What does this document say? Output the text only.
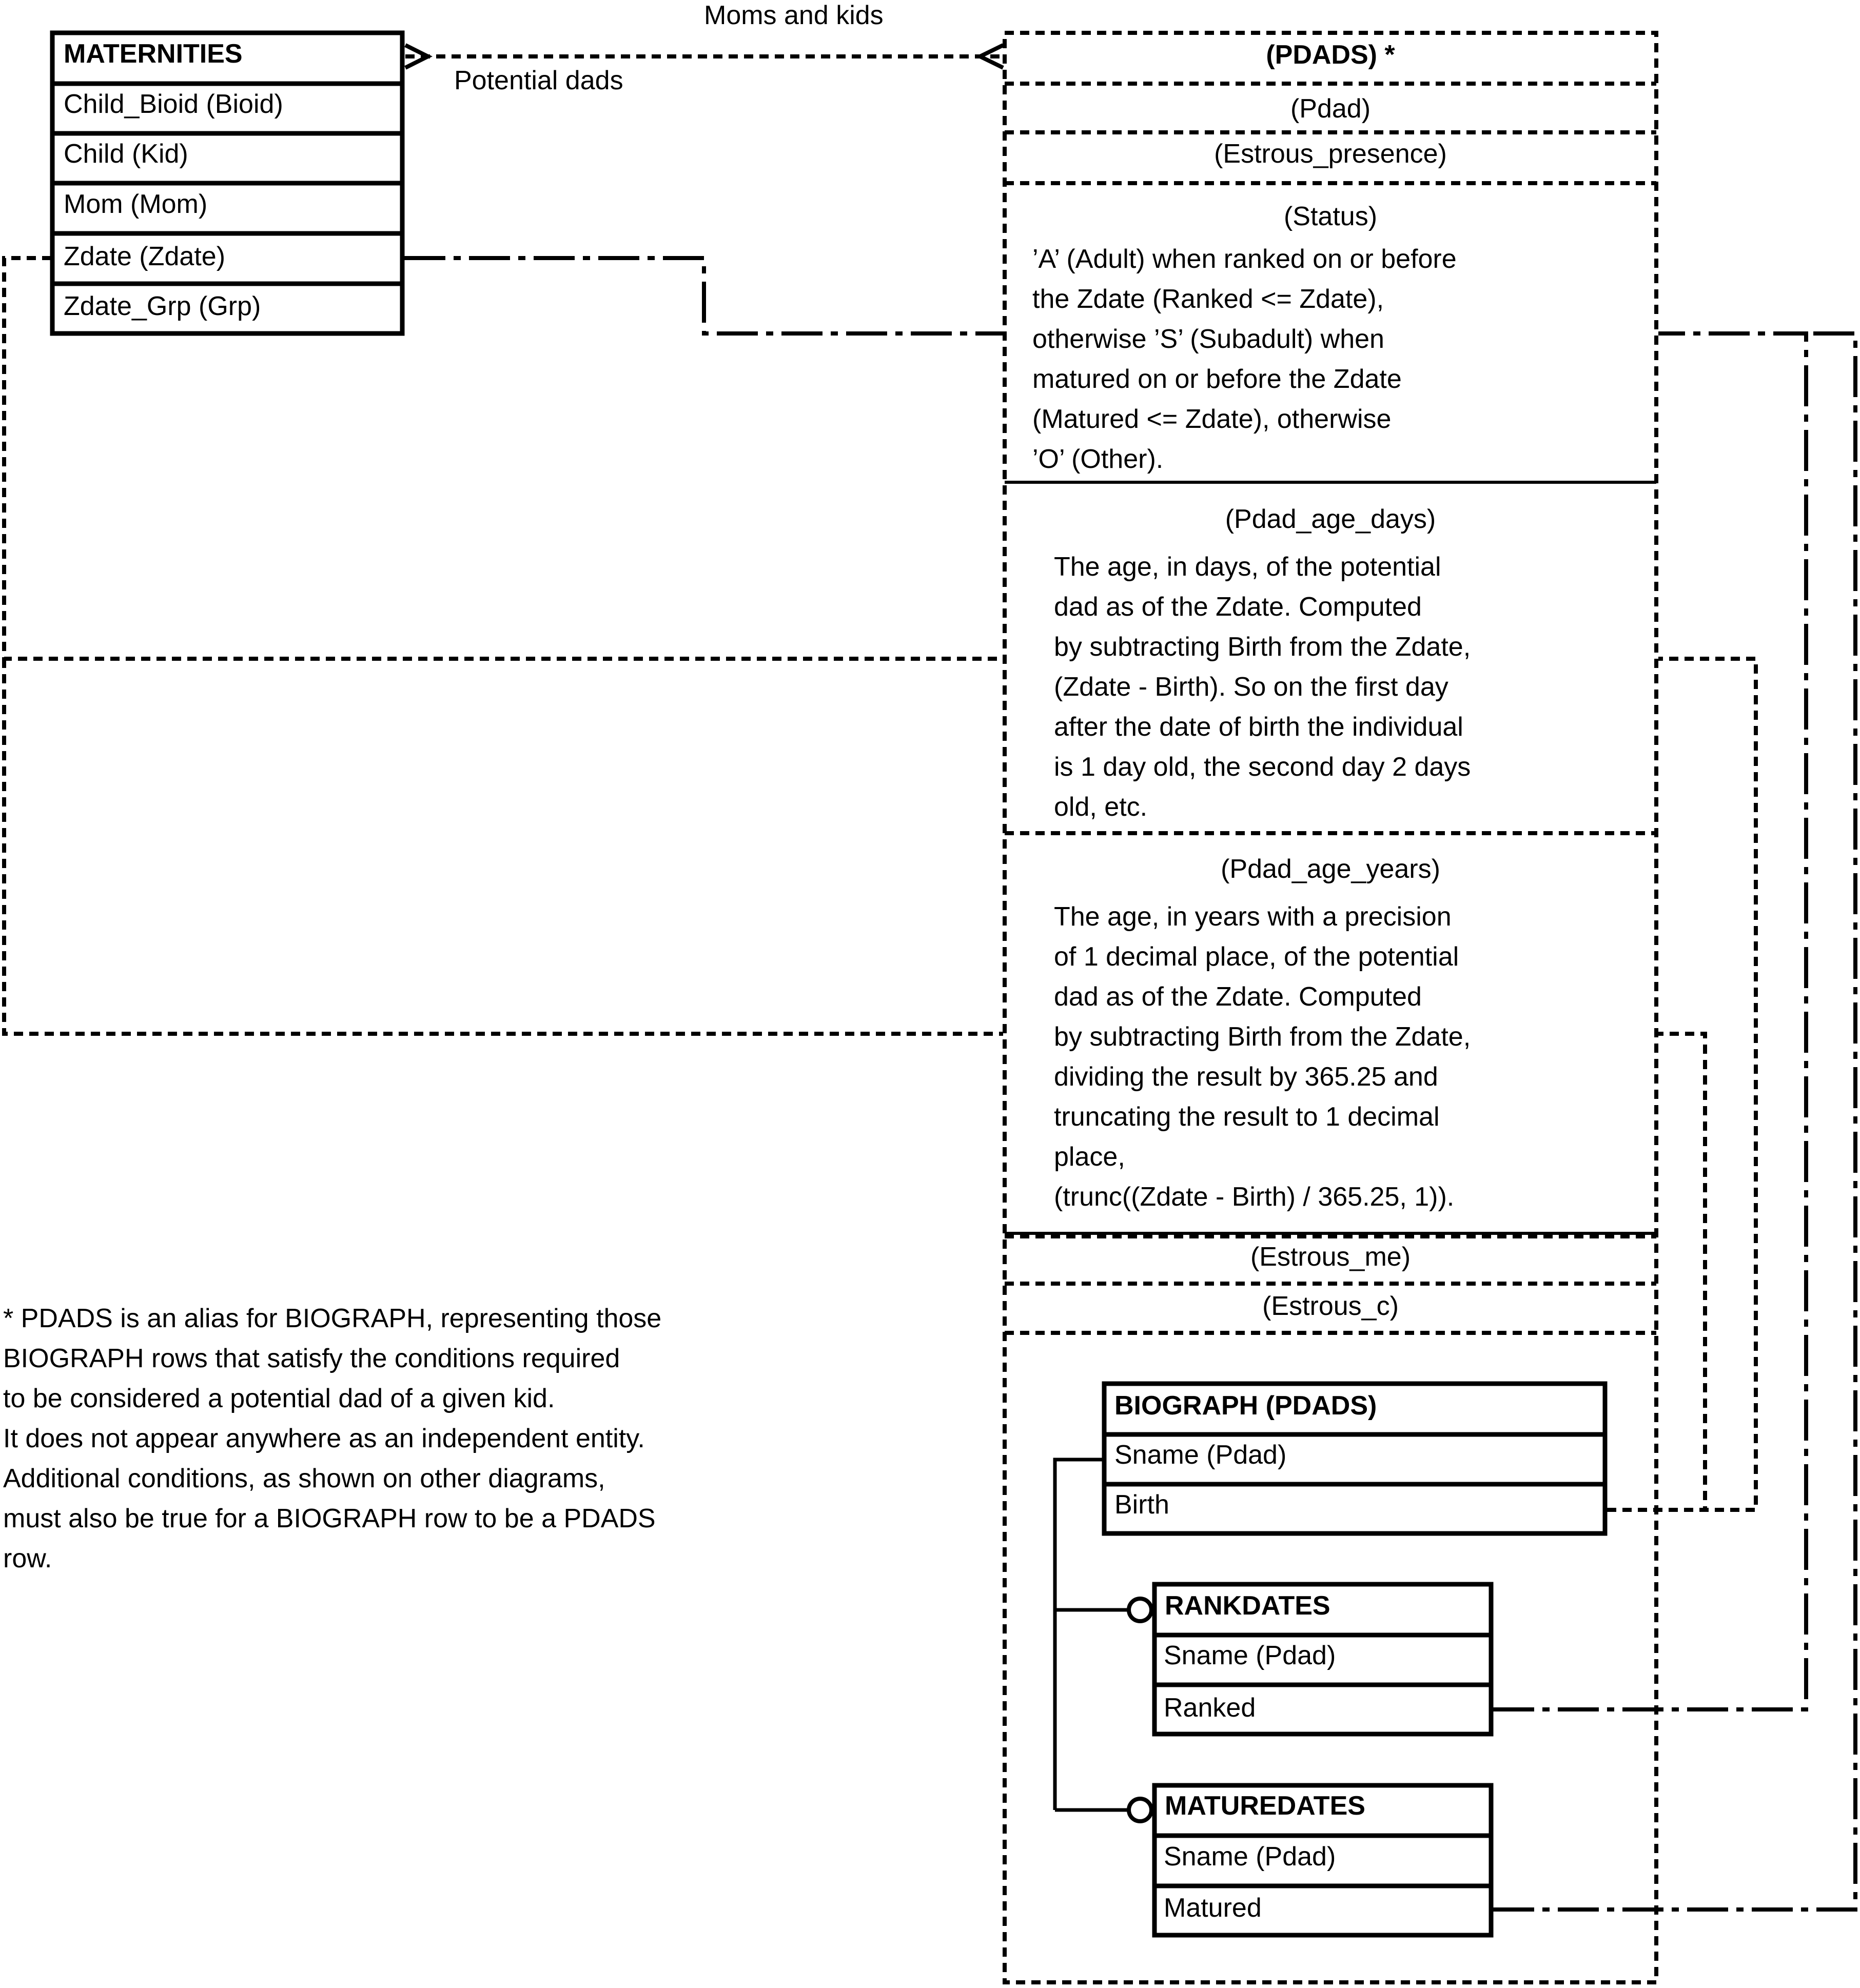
MATERNITIES
Child_Bioid (Bioid)
Child (Kid)
Mom (Mom)
Zdate (Zdate)
Zdate_Grp (Grp)
Moms and kids
Potential dads
(PDADS) *
(Pdad)
(Estrous_presence)
(Status)
’A’ (Adult) when ranked on or before
the Zdate (Ranked <= Zdate),
otherwise ’S’ (Subadult) when
matured on or before the Zdate
(Matured <= Zdate), otherwise
’O’ (Other).
(Pdad_age_days)
The age, in days, of the potential
dad as of the Zdate. Computed
by subtracting Birth from the Zdate,
(Zdate - Birth). So on the first day
after the date of birth the individual
is 1 day old, the second day 2 days
old, etc.
(Pdad_age_years)
The age, in years with a precision
of 1 decimal place, of the potential
dad as of the Zdate. Computed
by subtracting Birth from the Zdate,
dividing the result by 365.25 and
truncating the result to 1 decimal
place,
(trunc((Zdate - Birth) / 365.25, 1)).
(Estrous_me)
(Estrous_c)
BIOGRAPH (PDADS)
Sname (Pdad)
Birth
RANKDATES
Sname (Pdad)
Ranked
MATUREDATES
Sname (Pdad)
Matured
* PDADS is an alias for BIOGRAPH, representing those
BIOGRAPH rows that satisfy the conditions required
to be considered a potential dad of a given kid.
It does not appear anywhere as an independent entity.
Additional conditions, as shown on other diagrams,
must also be true for a BIOGRAPH row to be a PDADS
row.
